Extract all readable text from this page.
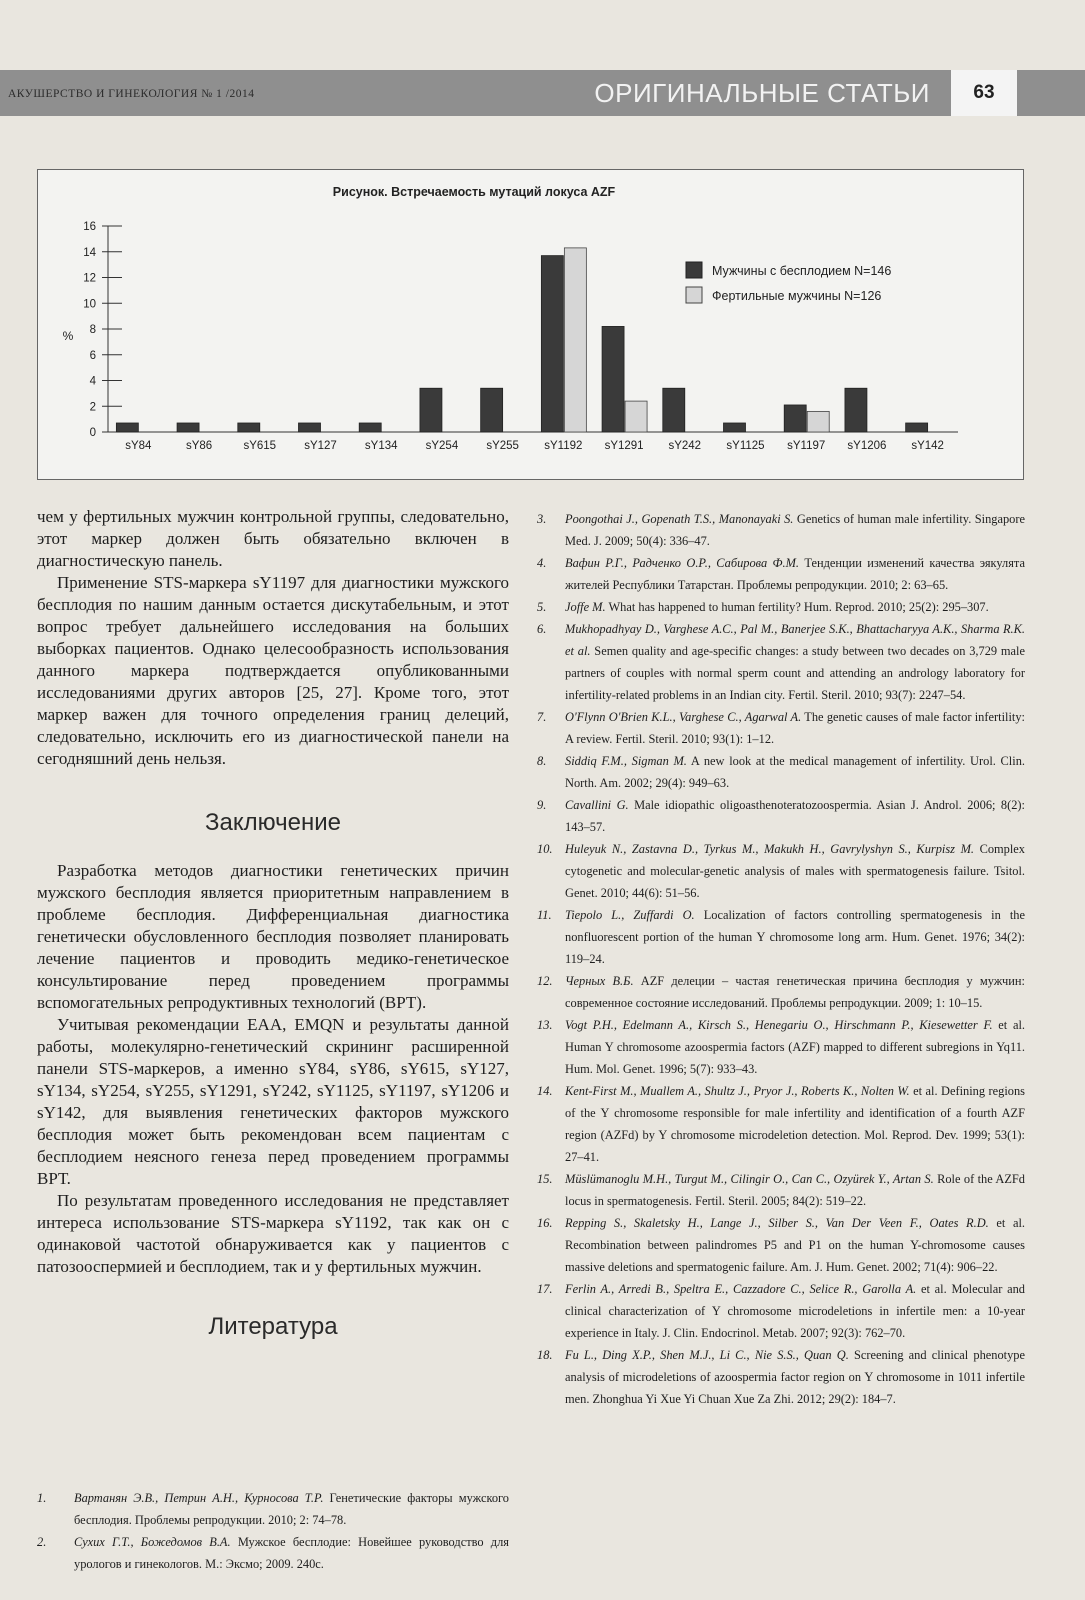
АКУШЕРСТВО И ГИНЕКОЛОГИЯ № 1 /2014	ОРИГИНАЛЬНЫЕ СТАТЬИ	63
Рисунок. Встречаемость мутаций локуса AZF
0
2
4
6
8
10
12
14
16
%
sY84	sY86	sY615 sY127 sY134 sY254 sY255 sY1192 sY1291 sY242 sY1125 sY1197 sY1206 sY142
Мужчины с бесплодием N=146
Фертильные мужчины N=126

чем у фертильных мужчин контрольной группы, следовательно, этот маркер должен быть обязательно включен в диагностическую панель.

Применение STS-маркера sY1197 для диагностики мужского бесплодия по нашим данным остается дискутабельным, и этот вопрос требует дальнейшего исследования на больших выборках пациентов. Однако целесообразность использования данного маркера подтверждается опубликованными исследованиями других авторов [25, 27]. Кроме того, этот маркер важен для точного определения границ делеций, следовательно, исключить его из диагностической панели на сегодняшний день нельзя.

Заключение

Разработка методов диагностики генетических причин мужского бесплодия является приоритетным направлением в проблеме бесплодия. Дифференциальная диагностика генетически обусловленного бесплодия позволяет планировать лечение пациентов и проводить медико-генетическое консультирование перед проведением программы вспомогательных репродуктивных технологий (ВРТ).

Учитывая рекомендации EAA, EMQN и результаты данной работы, молекулярно-генетический скрининг расширенной панели STS-маркеров, а именно sY84, sY86, sY615, sY127, sY134, sY254, sY255, sY1291, sY242, sY1125, sY1197, sY1206 и sY142, для выявления генетических факторов мужского бесплодия может быть рекомендован всем пациентам с бесплодием неясного генеза перед проведением программы ВРТ.

По результатам проведенного исследования не представляет интереса использование STS-маркера sY1192, так как он с одинаковой частотой обнаруживается как у пациентов с патозооспермией и бесплодием, так и у фертильных мужчин.

Литература
1. Вартанян Э.В., Петрин А.Н., Курносова Т.Р. Генетические факторы мужского бесплодия. Проблемы репродукции. 2010; 2: 74–78.
2. Сухих Г.Т., Божедомов В.А. Мужское бесплодие: Новейшее руководство для урологов и гинекологов. М.: Эксмо; 2009. 240с.
3. Poongothai J., Gopenath T.S., Manonayaki S. Genetics of human male infertility. Singapore Med. J. 2009; 50(4): 336–47.
4. Вафин Р.Г., Радченко О.Р., Сабирова Ф.М. Тенденции изменений качества эякулята жителей Республики Татарстан. Проблемы репродукции. 2010; 2: 63–65.
5. Joffe M. What has happened to human fertility? Hum. Reprod. 2010; 25(2): 295–307.
6. Mukhopadhyay D., Varghese A.C., Pal M., Banerjee S.K., Bhattacharyya A.K., Sharma R.K. et al. Semen quality and age-specific changes: a study between two decades on 3,729 male partners of couples with normal sperm count and attending an andrology laboratory for infertility-related problems in an Indian city. Fertil. Steril. 2010; 93(7): 2247–54.
7. O'Flynn O'Brien K.L., Varghese C., Agarwal A. The genetic causes of male factor infertility: A review. Fertil. Steril. 2010; 93(1): 1–12.
8. Siddiq F.M., Sigman M. A new look at the medical management of infertility. Urol. Clin. North. Am. 2002; 29(4): 949–63.
9. Cavallini G. Male idiopathic oligoasthenoteratozoospermia. Asian J. Androl. 2006; 8(2): 143–57.
10. Huleyuk N., Zastavna D., Tyrkus M., Makukh H., Gavrylyshyn S., Kurpisz M. Complex cytogenetic and molecular-genetic analysis of males with spermatogenesis failure. Tsitol. Genet. 2010; 44(6): 51–56.
11. Tiepolo L., Zuffardi O. Localization of factors controlling spermatogenesis in the nonfluorescent portion of the human Y chromosome long arm. Hum. Genet. 1976; 34(2): 119–24.
12. Черных В.Б. AZF делеции – частая генетическая причина бесплодия у мужчин: современное состояние исследований. Проблемы репродукции. 2009; 1: 10–15.
13. Vogt P.H., Edelmann A., Kirsch S., Henegariu O., Hirschmann P., Kiesewetter F. et al. Human Y chromosome azoospermia factors (AZF) mapped to different subregions in Yq11. Hum. Mol. Genet. 1996; 5(7): 933–43.
14. Kent-First M., Muallem A., Shultz J., Pryor J., Roberts K., Nolten W. et al. Defining regions of the Y chromosome responsible for male infertility and identification of a fourth AZF region (AZFd) by Y chromosome microdeletion detection. Mol. Reprod. Dev. 1999; 53(1): 27–41.
15. Müslümanoglu M.H., Turgut M., Cilingir O., Can C., Ozyürek Y., Artan S. Role of the AZFd locus in spermatogenesis. Fertil. Steril. 2005; 84(2): 519–22.
16. Repping S., Skaletsky H., Lange J., Silber S., Van Der Veen F., Oates R.D. et al. Recombination between palindromes P5 and P1 on the human Y-chromosome causes massive deletions and spermatogenic failure. Am. J. Hum. Genet. 2002; 71(4): 906–22.
17. Ferlin A., Arredi B., Speltra E., Cazzadore C., Selice R., Garolla A. et al. Molecular and clinical characterization of Y chromosome microdeletions in infertile men: a 10-year experience in Italy. J. Clin. Endocrinol. Metab. 2007; 92(3): 762–70.
18. Fu L., Ding X.P., Shen M.J., Li C., Nie S.S., Quan Q. Screening and clinical phenotype analysis of microdeletions of azoospermia factor region on Y chromosome in 1011 infertile men. Zhonghua Yi Xue Yi Chuan Xue Za Zhi. 2012; 29(2): 184–7.
